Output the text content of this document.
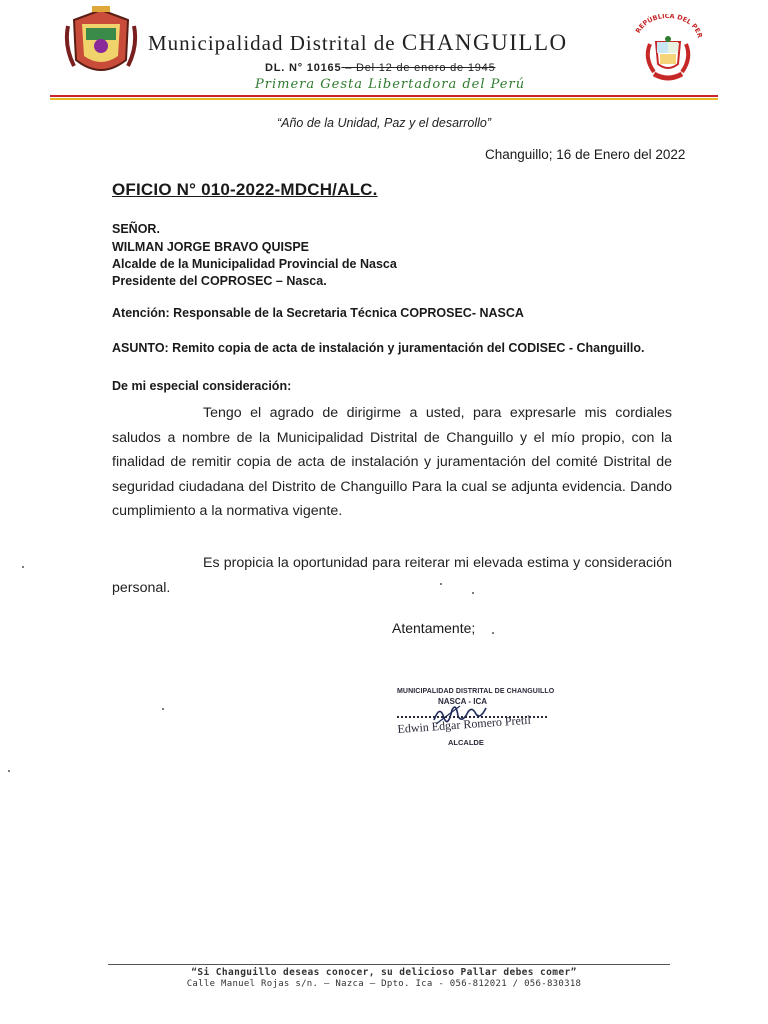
Municipalidad Distrital de CHANGUILLO
DL. N° 10165 – Del 12 de enero de 1945
Primera Gesta Libertadora del Perú
REPÚBLICA DEL PER
“Año de la Unidad, Paz y el desarrollo”
Changuillo; 16 de Enero del 2022
OFICIO N° 010-2022-MDCH/ALC.
SEÑOR.
WILMAN JORGE BRAVO QUISPE
Alcalde de la Municipalidad Provincial de Nasca
Presidente del COPROSEC – Nasca.
Atención: Responsable de la Secretaria Técnica COPROSEC- NASCA
ASUNTO: Remito copia de acta de instalación y juramentación del CODISEC - Changuillo.
De mi especial consideración:
Tengo el agrado de dirigirme a usted, para expresarle mis cordiales saludos a nombre de la Municipalidad Distrital de Changuillo y el mío propio, con la finalidad de remitir copia de acta de instalación y juramentación del comité Distrital de seguridad ciudadana del Distrito de Changuillo Para la cual se adjunta evidencia. Dando cumplimiento a la normativa vigente.
Es propicia la oportunidad para reiterar mi elevada estima y consideración personal.
Atentamente;
MUNICIPALIDAD DISTRITAL DE CHANGUILLO
NASCA - ICA
Edwin Edgar Romero Pretil
ALCALDE
“Si Changuillo deseas conocer, su delicioso Pallar debes comer”
Calle Manuel Rojas s/n. – Nazca – Dpto. Ica - 056-812021 / 056-830318
